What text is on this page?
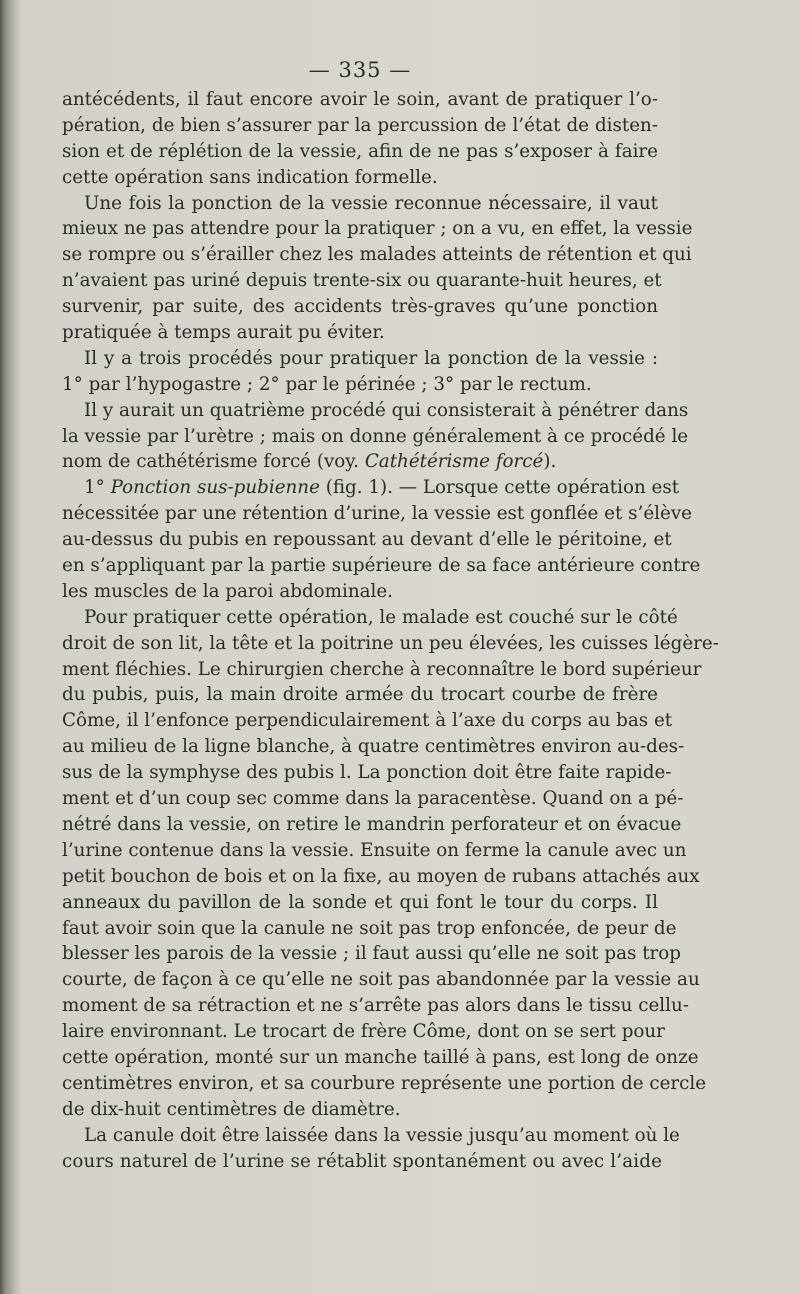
— 335 —
antécédents, il faut encore avoir le soin, avant de pratiquer l’o-
pération, de bien s’assurer par la percussion de l’état de disten-
sion et de réplétion de la vessie, afin de ne pas s’exposer à faire
cette opération sans indication formelle.
Une fois la ponction de la vessie reconnue nécessaire, il vaut
mieux ne pas attendre pour la pratiquer ; on a vu, en effet, la vessie
se rompre ou s’érailler chez les malades atteints de rétention et qui
n’avaient pas uriné depuis trente-six ou quarante-huit heures, et
survenir, par suite, des accidents très-graves qu’une ponction
pratiquée à temps aurait pu éviter.
Il y a trois procédés pour pratiquer la ponction de la vessie :
1° par l’hypogastre ; 2° par le périnée ; 3° par le rectum.
Il y aurait un quatrième procédé qui consisterait à pénétrer dans
la vessie par l’urètre ; mais on donne généralement à ce procédé le
nom de cathétérisme forcé (voy. Cathétérisme forcé).
1° Ponction sus-pubienne (fig. 1). — Lorsque cette opération est
nécessitée par une rétention d’urine, la vessie est gonflée et s’élève
au-dessus du pubis en repoussant au devant d’elle le péritoine, et
en s’appliquant par la partie supérieure de sa face antérieure contre
les muscles de la paroi abdominale.
Pour pratiquer cette opération, le malade est couché sur le côté
droit de son lit, la tête et la poitrine un peu élevées, les cuisses légère-
ment fléchies. Le chirurgien cherche à reconnaître le bord supérieur
du pubis, puis, la main droite armée du trocart courbe de frère
Côme, il l’enfonce perpendiculairement à l’axe du corps au bas et
au milieu de la ligne blanche, à quatre centimètres environ au-des-
sus de la symphyse des pubis l. La ponction doit être faite rapide-
ment et d’un coup sec comme dans la paracentèse. Quand on a pé-
nétré dans la vessie, on retire le mandrin perforateur et on évacue
l’urine contenue dans la vessie. Ensuite on ferme la canule avec un
petit bouchon de bois et on la fixe, au moyen de rubans attachés aux
anneaux du pavillon de la sonde et qui font le tour du corps. Il
faut avoir soin que la canule ne soit pas trop enfoncée, de peur de
blesser les parois de la vessie ; il faut aussi qu’elle ne soit pas trop
courte, de façon à ce qu’elle ne soit pas abandonnée par la vessie au
moment de sa rétraction et ne s’arrête pas alors dans le tissu cellu-
laire environnant. Le trocart de frère Côme, dont on se sert pour
cette opération, monté sur un manche taillé à pans, est long de onze
centimètres environ, et sa courbure représente une portion de cercle
de dix-huit centimètres de diamètre.
La canule doit être laissée dans la vessie jusqu’au moment où le
cours naturel de l’urine se rétablit spontanément ou avec l’aide
